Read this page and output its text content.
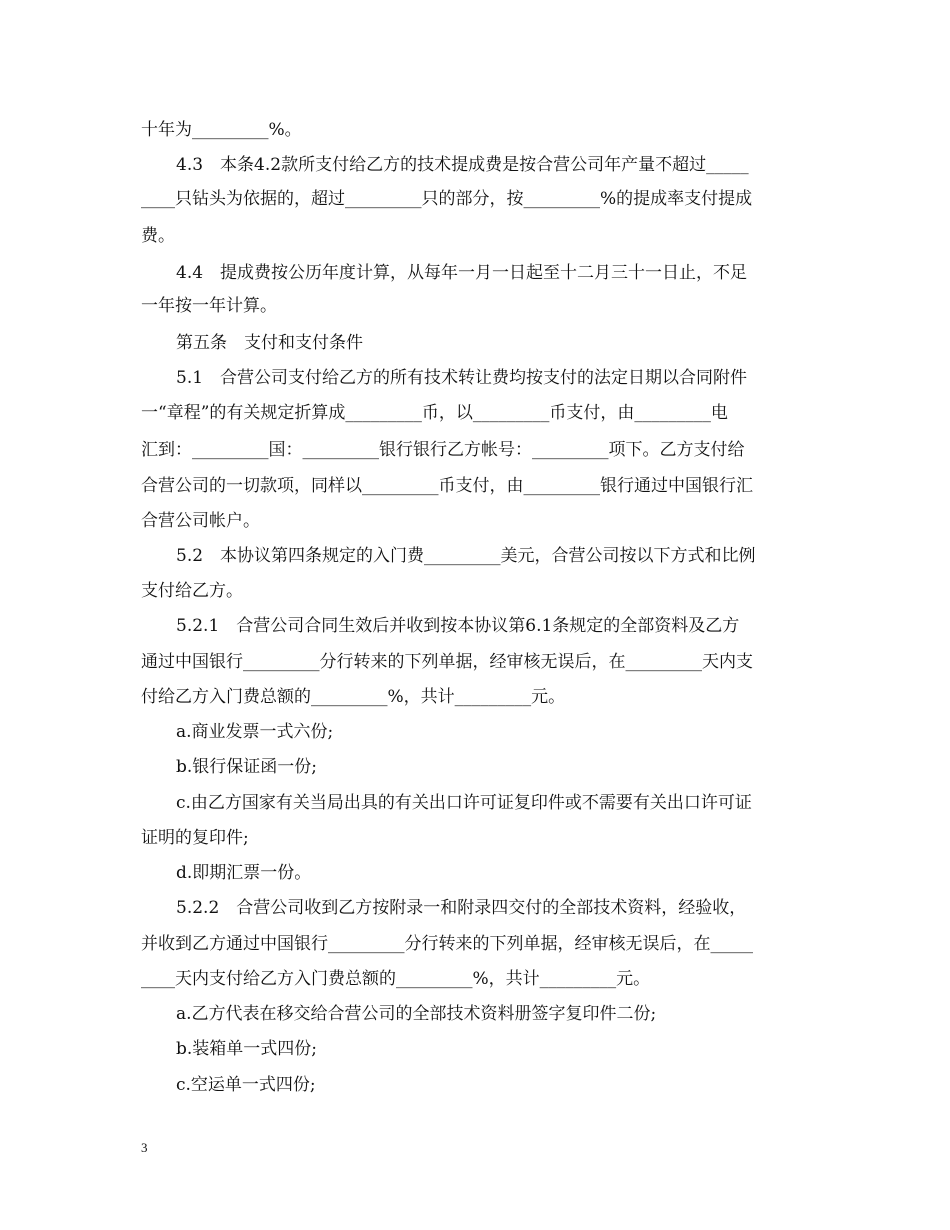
十年为_________%。
4.3　本条4.2款所支付给乙方的技术提成费是按合营公司年产量不超过_____
____只钻头为依据的，超过_________只的部分，按_________%的提成率支付提成
费。
4.4　提成费按公历年度计算，从每年一月一日起至十二月三十一日止，不足
一年按一年计算。
第五条　支付和支付条件
5.1　合营公司支付给乙方的所有技术转让费均按支付的法定日期以合同附件
一“章程”的有关规定折算成_________币，以_________币支付，由_________电
汇到：_________国：_________银行银行乙方帐号：_________项下。乙方支付给
合营公司的一切款项，同样以_________币支付，由_________银行通过中国银行汇
合营公司帐户。
5.2　本协议第四条规定的入门费_________美元，合营公司按以下方式和比例
支付给乙方。
5.2.1　合营公司合同生效后并收到按本协议第6.1条规定的全部资料及乙方
通过中国银行_________分行转来的下列单据，经审核无误后，在_________天内支
付给乙方入门费总额的_________%，共计_________元。
a.商业发票一式六份;
b.银行保证函一份;
c.由乙方国家有关当局出具的有关出口许可证复印件或不需要有关出口许可证
证明的复印件;
d.即期汇票一份。
5.2.2　合营公司收到乙方按附录一和附录四交付的全部技术资料，经验收，
并收到乙方通过中国银行_________分行转来的下列单据，经审核无误后，在_____
____天内支付给乙方入门费总额的_________%，共计_________元。
a.乙方代表在移交给合营公司的全部技术资料册签字复印件二份;
b.装箱单一式四份;
c.空运单一式四份;
3
